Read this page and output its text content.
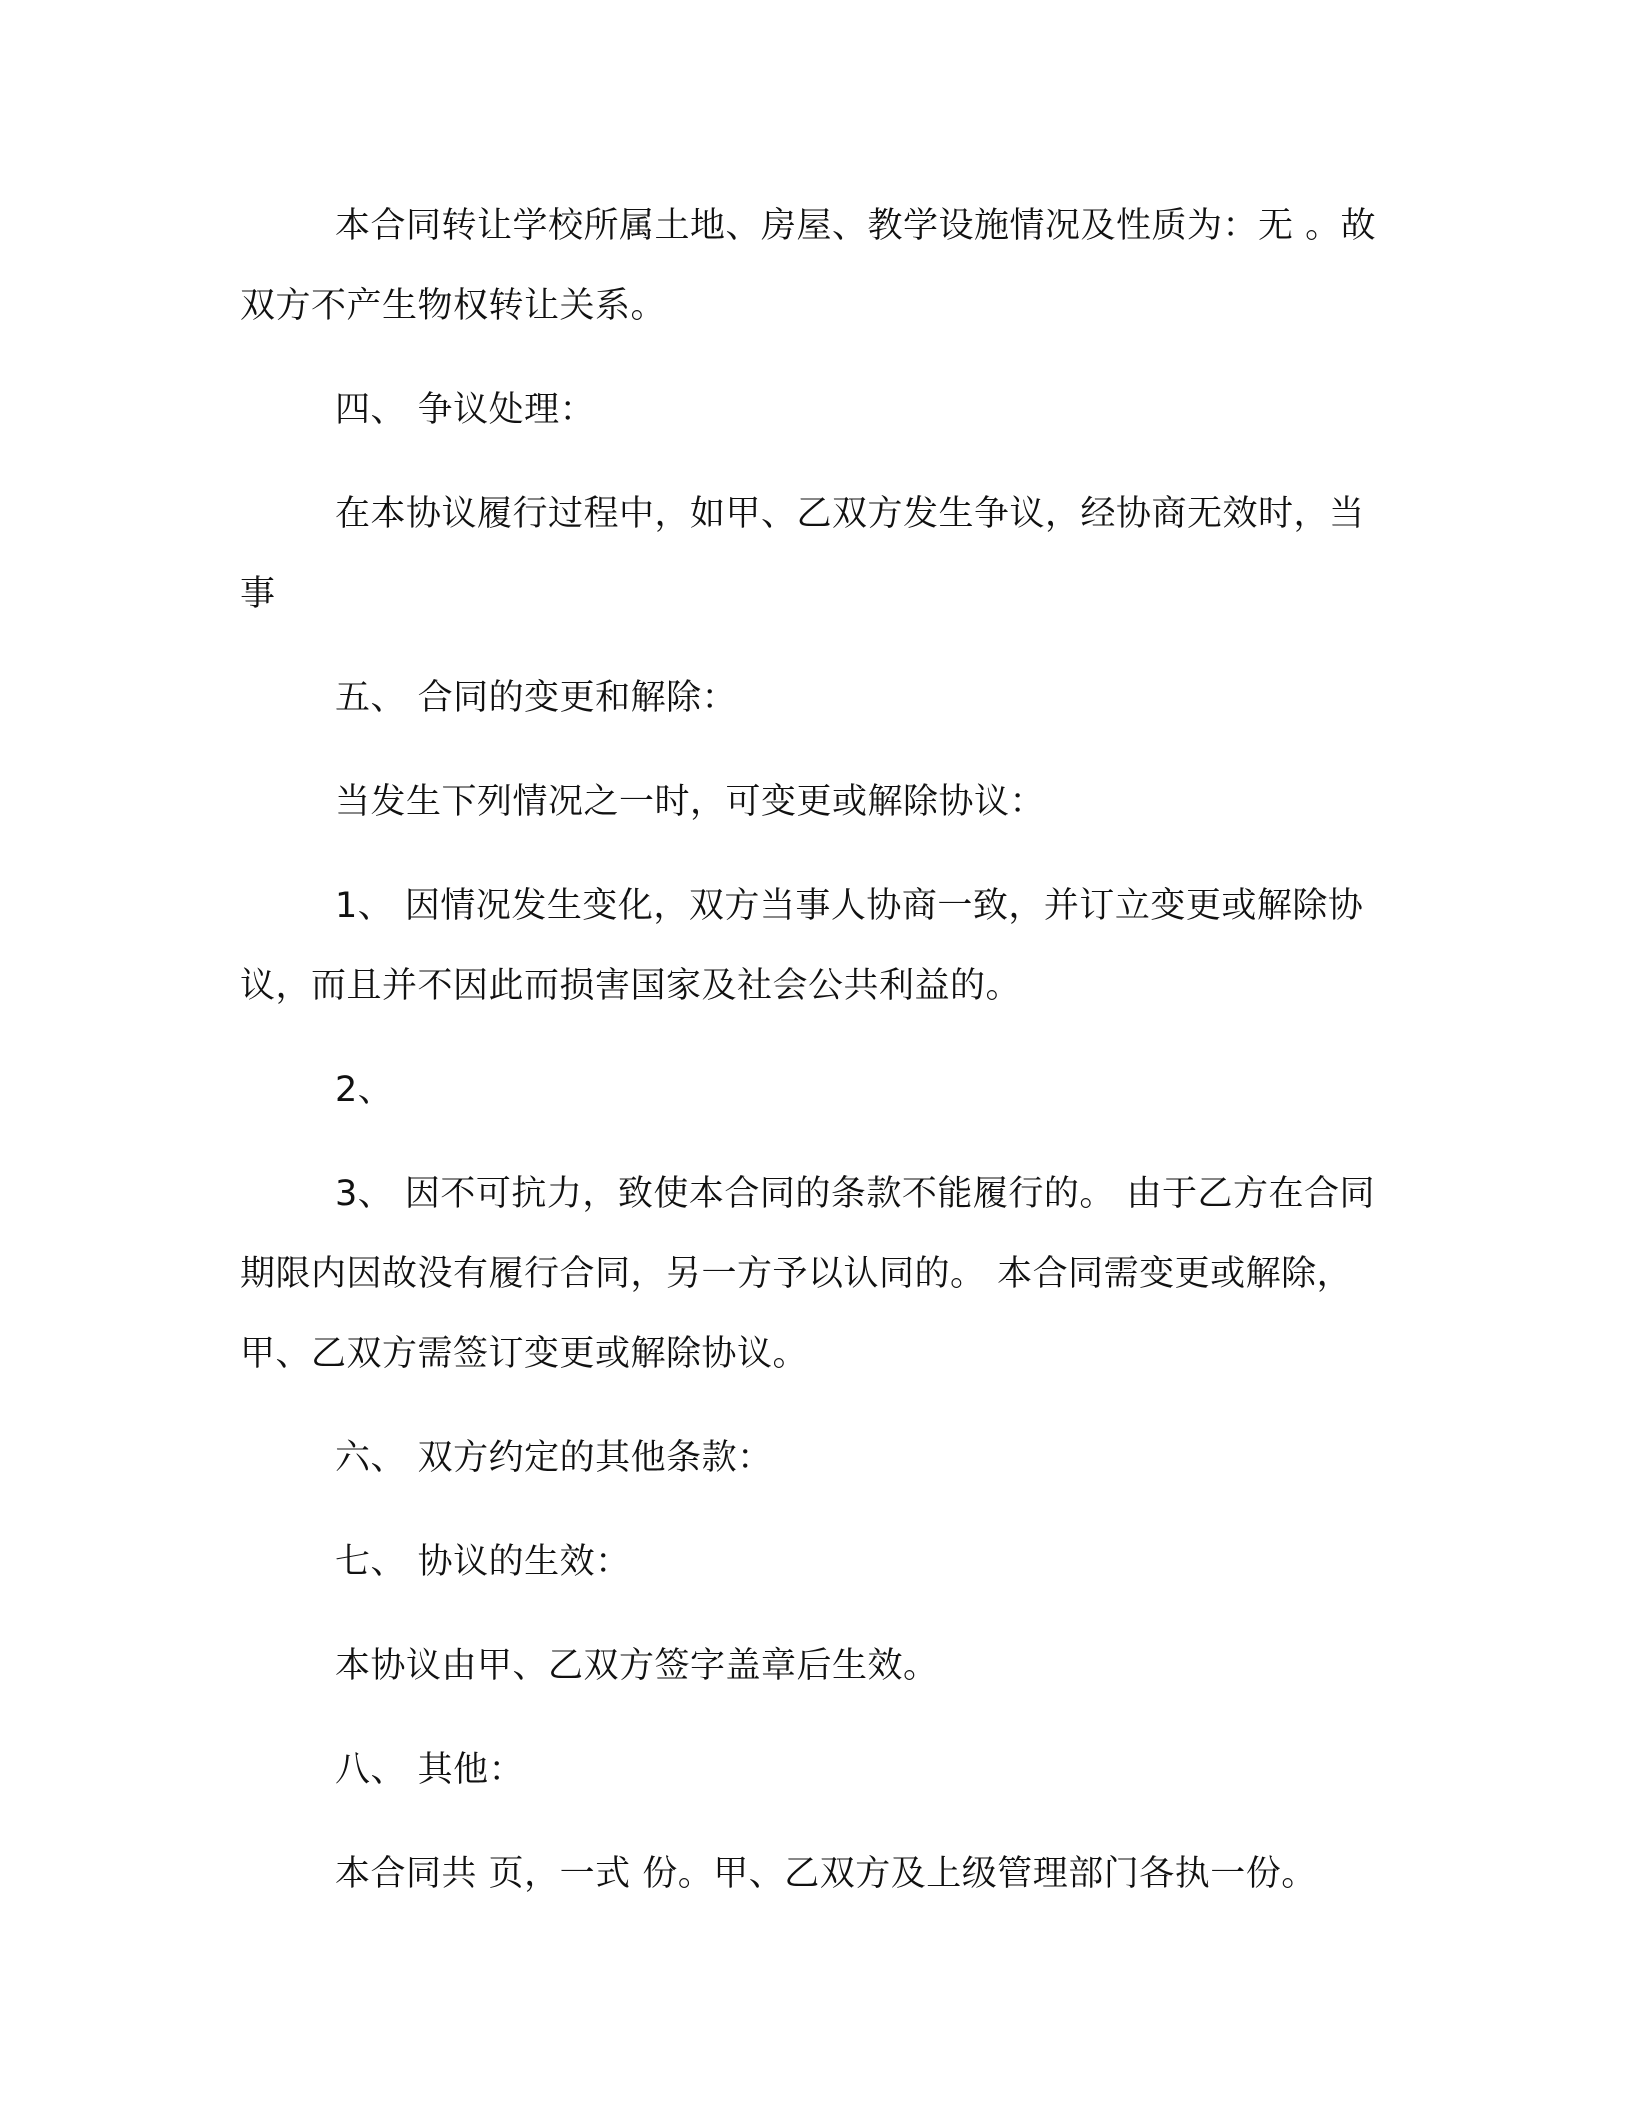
本合同转让学校所属土地、房屋、教学设施情况及性质为：无 。故双方不产生物权转让关系。

四、 争议处理：

在本协议履行过程中，如甲、乙双方发生争议，经协商无效时，当事

五、 合同的变更和解除：

当发生下列情况之一时，可变更或解除协议：

1、 因情况发生变化，双方当事人协商一致，并订立变更或解除协议，而且并不因此而损害国家及社会公共利益的。

2、

3、 因不可抗力，致使本合同的条款不能履行的。 由于乙方在合同期限内因故没有履行合同，另一方予以认同的。 本合同需变更或解除，甲、乙双方需签订变更或解除协议。

六、 双方约定的其他条款：

七、 协议的生效：

本协议由甲、乙双方签字盖章后生效。

八、 其他：

本合同共 页，一式 份。甲、乙双方及上级管理部门各执一份。
